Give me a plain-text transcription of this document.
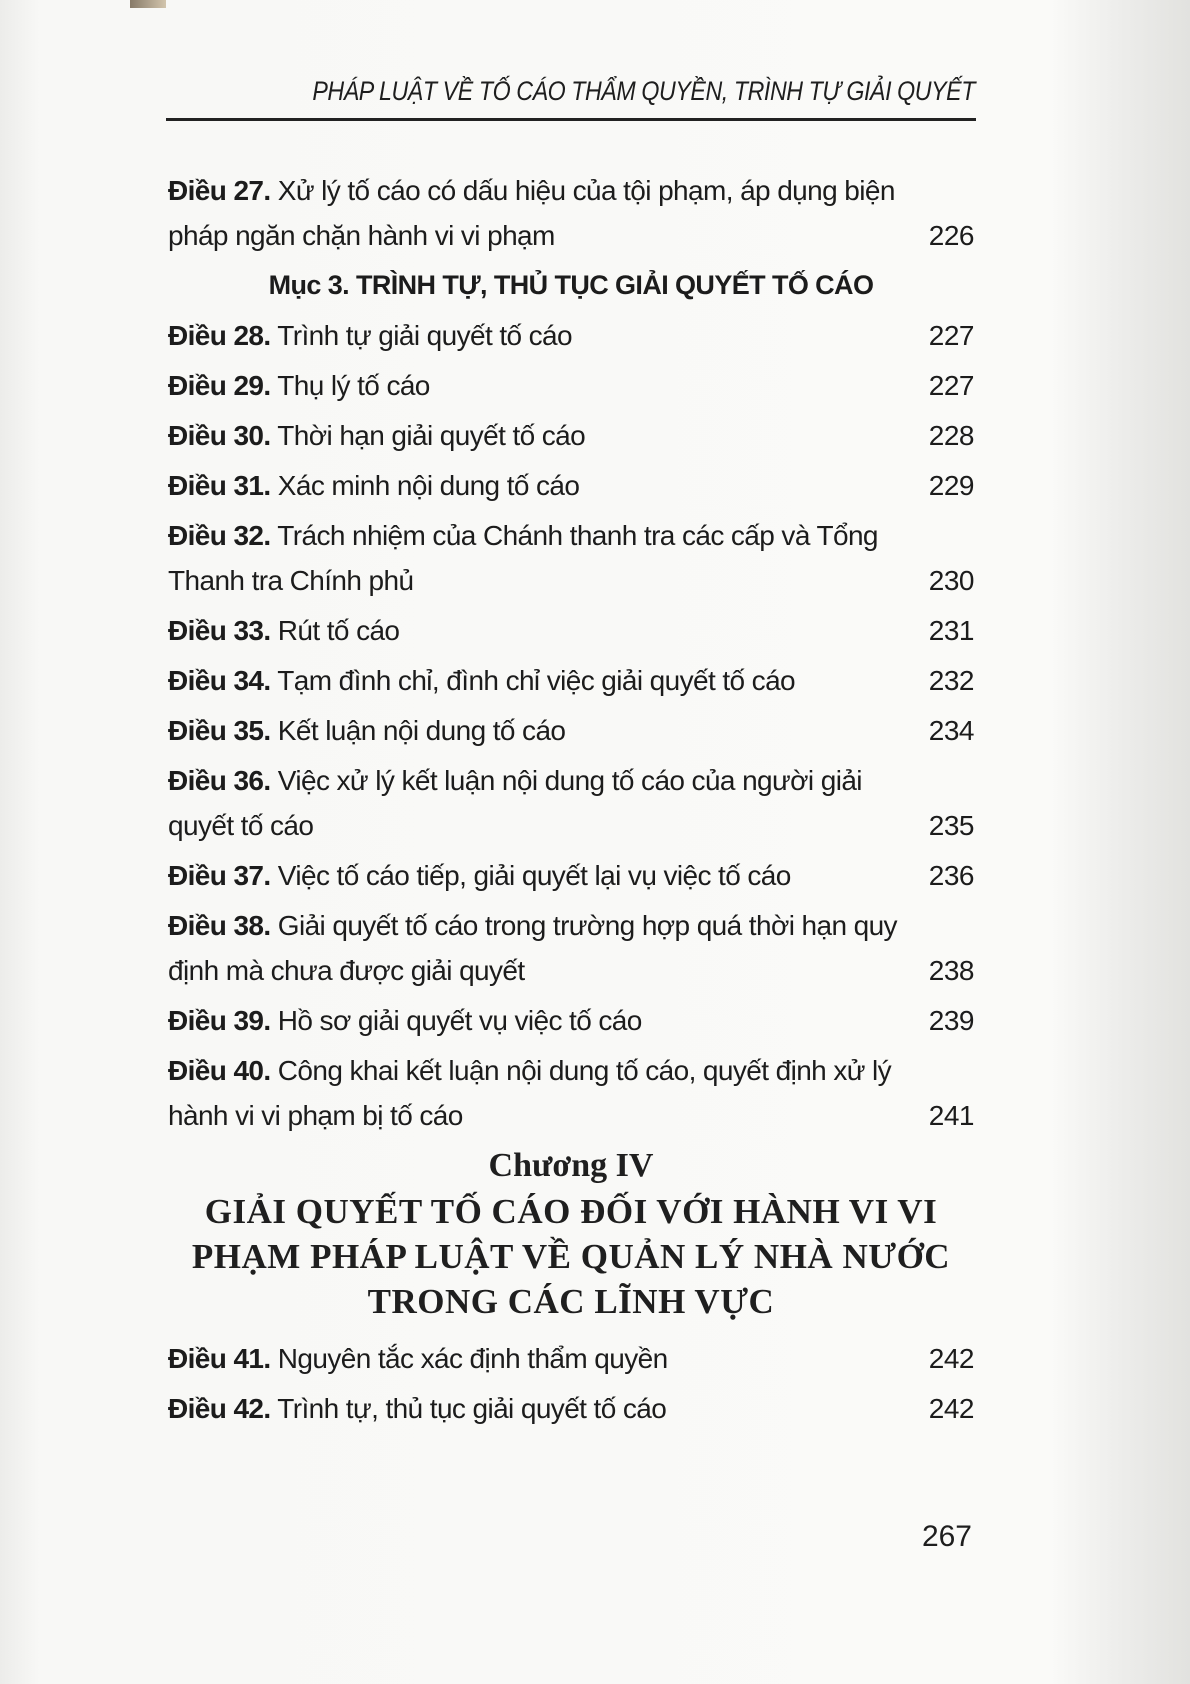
PHÁP LUẬT VỀ TỐ CÁO THẨM QUYỀN, TRÌNH TỰ GIẢI QUYẾT
Điều 27. Xử lý tố cáo có dấu hiệu của tội phạm, áp dụng biện pháp ngăn chặn hành vi vi phạm	226
Mục 3. TRÌNH TỰ, THỦ TỤC GIẢI QUYẾT TỐ CÁO
Điều 28. Trình tự giải quyết tố cáo	227
Điều 29. Thụ lý tố cáo	227
Điều 30. Thời hạn giải quyết tố cáo	228
Điều 31. Xác minh nội dung tố cáo	229
Điều 32. Trách nhiệm của Chánh thanh tra các cấp và Tổng Thanh tra Chính phủ	230
Điều 33. Rút tố cáo	231
Điều 34. Tạm đình chỉ, đình chỉ việc giải quyết tố cáo	232
Điều 35. Kết luận nội dung tố cáo	234
Điều 36. Việc xử lý kết luận nội dung tố cáo của người giải quyết tố cáo	235
Điều 37. Việc tố cáo tiếp, giải quyết lại vụ việc tố cáo	236
Điều 38. Giải quyết tố cáo trong trường hợp quá thời hạn quy định mà chưa được giải quyết	238
Điều 39. Hồ sơ giải quyết vụ việc tố cáo	239
Điều 40. Công khai kết luận nội dung tố cáo, quyết định xử lý hành vi vi phạm bị tố cáo	241
Chương IV
GIẢI QUYẾT TỐ CÁO ĐỐI VỚI HÀNH VI VI
PHẠM PHÁP LUẬT VỀ QUẢN LÝ NHÀ NƯỚC
TRONG CÁC LĨNH VỰC
Điều 41. Nguyên tắc xác định thẩm quyền	242
Điều 42. Trình tự, thủ tục giải quyết tố cáo	242
267
